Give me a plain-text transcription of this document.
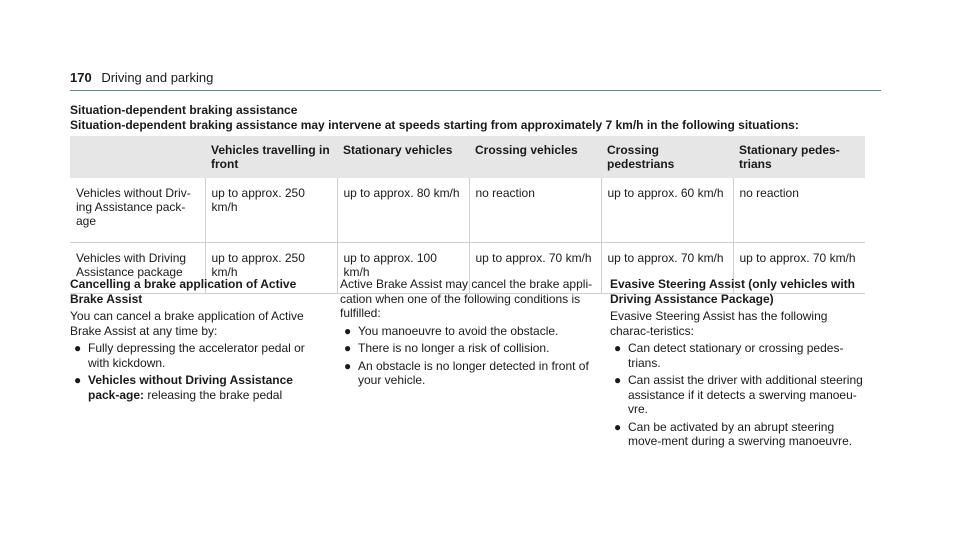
170 Driving and parking
Situation-dependent braking assistance
Situation-dependent braking assistance may intervene at speeds starting from approximately 7 km/h in the following situations:
	Vehicles travelling in front	Stationary vehicles	Crossing vehicles	Crossing pedestrians	Stationary pedes-trians
Vehicles without Driv-ing Assistance pack-age	up to approx. 250 km/h	up to approx. 80 km/h	no reaction	up to approx. 60 km/h	no reaction
Vehicles with Driving Assistance package	up to approx. 250 km/h	up to approx. 100 km/h	up to approx. 70 km/h	up to approx. 70 km/h	up to approx. 70 km/h

Cancelling a brake application of Active Brake Assist

You can cancel a brake application of Active Brake Assist at any time by:

● Fully depressing the accelerator pedal or with kickdown.
● Vehicles without Driving Assistance pack-age: releasing the brake pedal

Active Brake Assist may cancel the brake appli-cation when one of the following conditions is fulfilled:

● You manoeuvre to avoid the obstacle.
● There is no longer a risk of collision.
● An obstacle is no longer detected in front of your vehicle.

Evasive Steering Assist (only vehicles with Driving Assistance Package)

Evasive Steering Assist has the following charac-teristics:

● Can detect stationary or crossing pedes-trians.
● Can assist the driver with additional steering assistance if it detects a swerving manoeu-vre.
● Can be activated by an abrupt steering move-ment during a swerving manoeuvre.
